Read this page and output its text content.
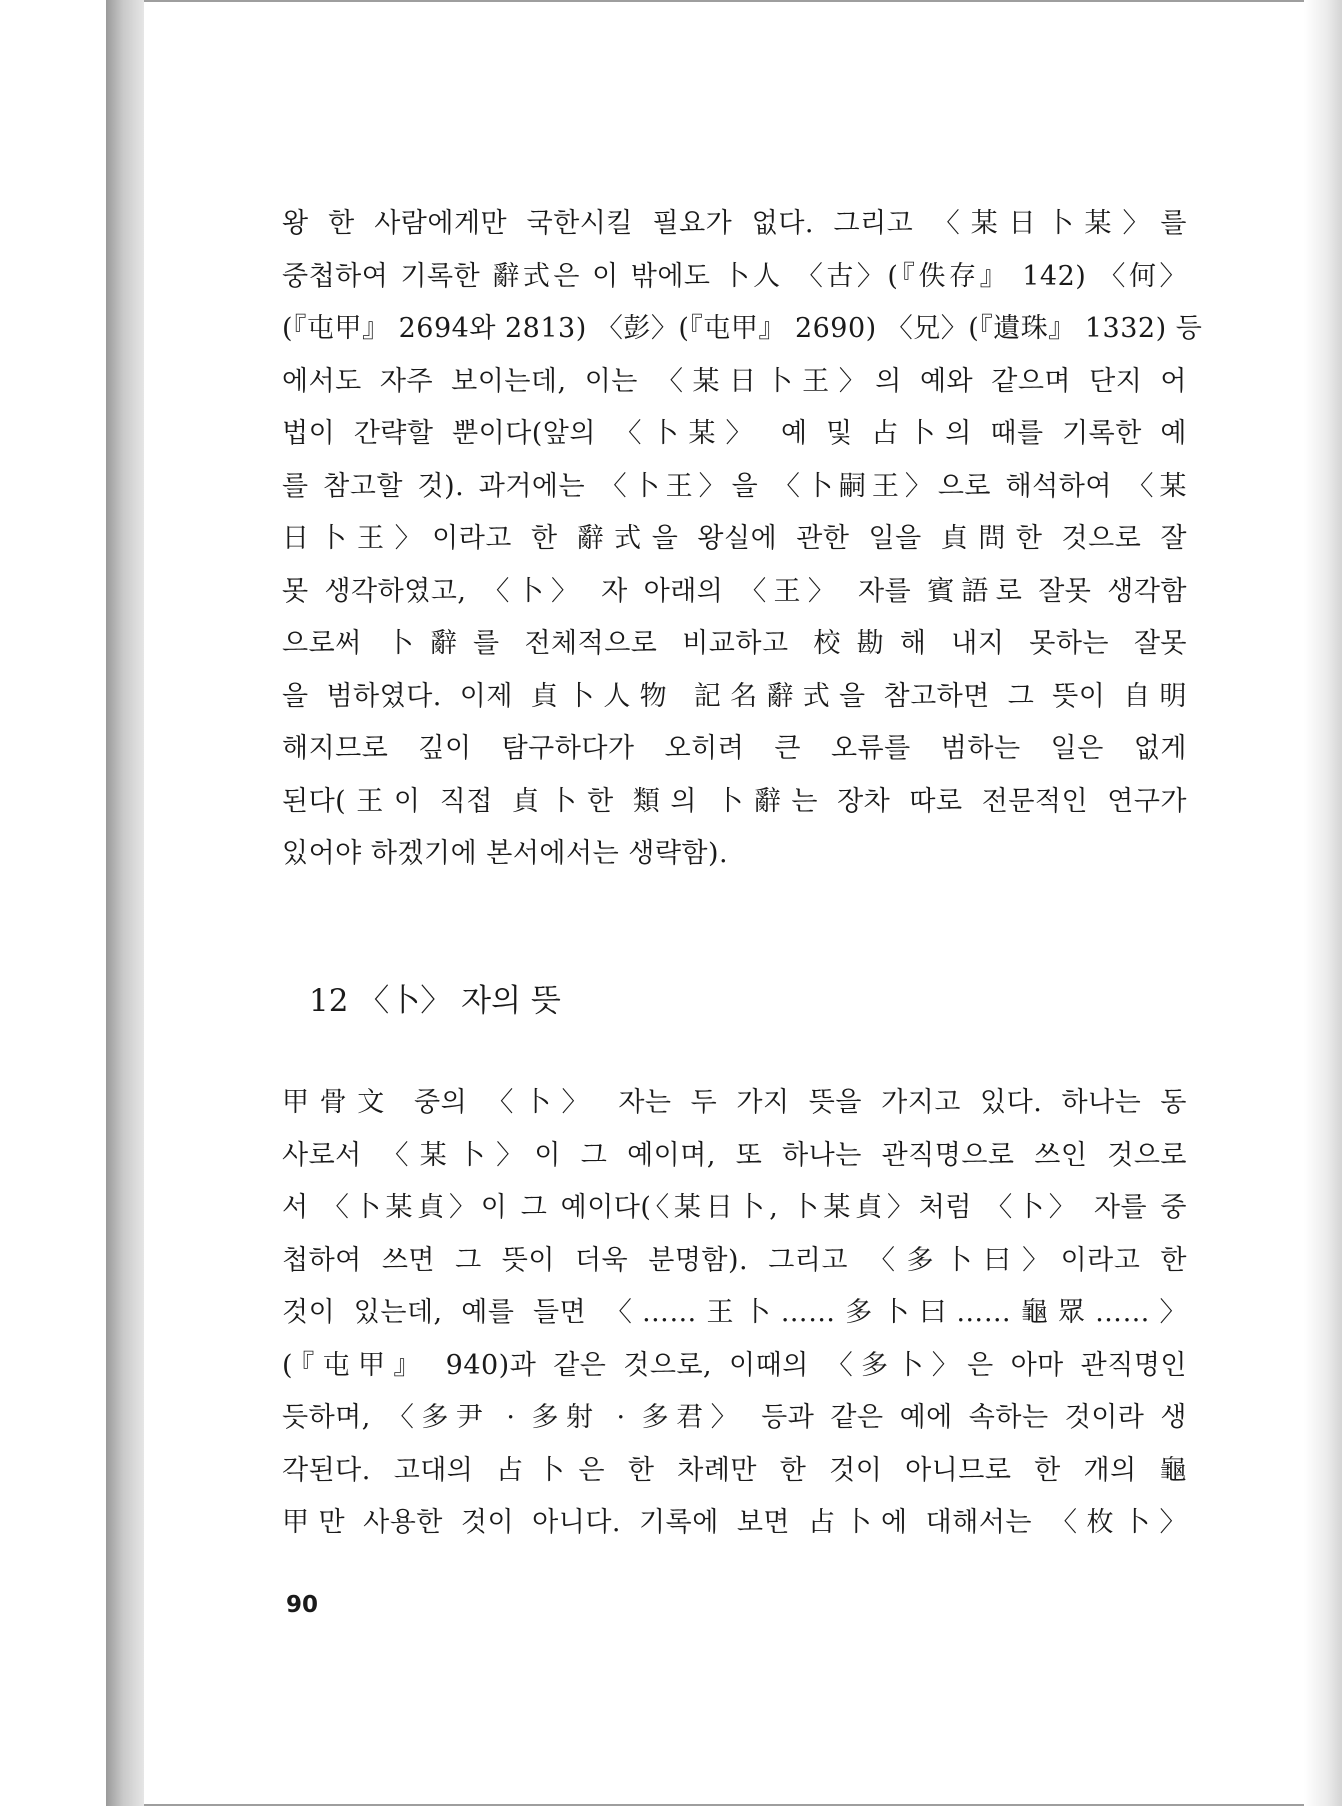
왕 한 사람에게만 국한시킬 필요가 없다. 그리고 〈某日卜某〉를
중첩하여 기록한 辭式은 이 밖에도 卜人 〈古〉(『佚存』 142) 〈何〉
(『屯甲』 2694와 2813) 〈彭〉(『屯甲』 2690) 〈兄〉(『遺珠』 1332) 등
에서도 자주 보이는데, 이는 〈某日卜王〉의 예와 같으며 단지 어
법이 간략할 뿐이다(앞의 〈卜某〉 예 및 占卜의 때를 기록한 예
를 참고할 것). 과거에는 〈卜王〉을 〈卜嗣王〉으로 해석하여 〈某
日卜王〉이라고 한 辭式을 왕실에 관한 일을 貞問한 것으로 잘
못 생각하였고, 〈卜〉 자 아래의 〈王〉 자를 賓語로 잘못 생각함
으로써 卜辭를 전체적으로 비교하고 校勘해 내지 못하는 잘못
을 범하였다. 이제 貞卜人物 記名辭式을 참고하면 그 뜻이 自明
해지므로 깊이 탐구하다가 오히려 큰 오류를 범하는 일은 없게
된다(王이 직접 貞卜한 類의 卜辭는 장차 따로 전문적인 연구가
있어야 하겠기에 본서에서는 생략함).
12 〈卜〉 자의 뜻
甲骨文 중의 〈卜〉 자는 두 가지 뜻을 가지고 있다. 하나는 동
사로서 〈某卜〉이 그 예이며, 또 하나는 관직명으로 쓰인 것으로
서 〈卜某貞〉이 그 예이다(〈某日卜, 卜某貞〉처럼 〈卜〉 자를 중
첩하여 쓰면 그 뜻이 더욱 분명함). 그리고 〈多卜曰〉이라고 한
것이 있는데, 예를 들면 〈……王卜……多卜曰……龜眾……〉
(『屯甲』 940)과 같은 것으로, 이때의 〈多卜〉은 아마 관직명인
듯하며, 〈多尹 · 多射 · 多君〉 등과 같은 예에 속하는 것이라 생
각된다. 고대의 占卜은 한 차례만 한 것이 아니므로 한 개의 龜
甲만 사용한 것이 아니다. 기록에 보면 占卜에 대해서는 〈枚卜〉
90
